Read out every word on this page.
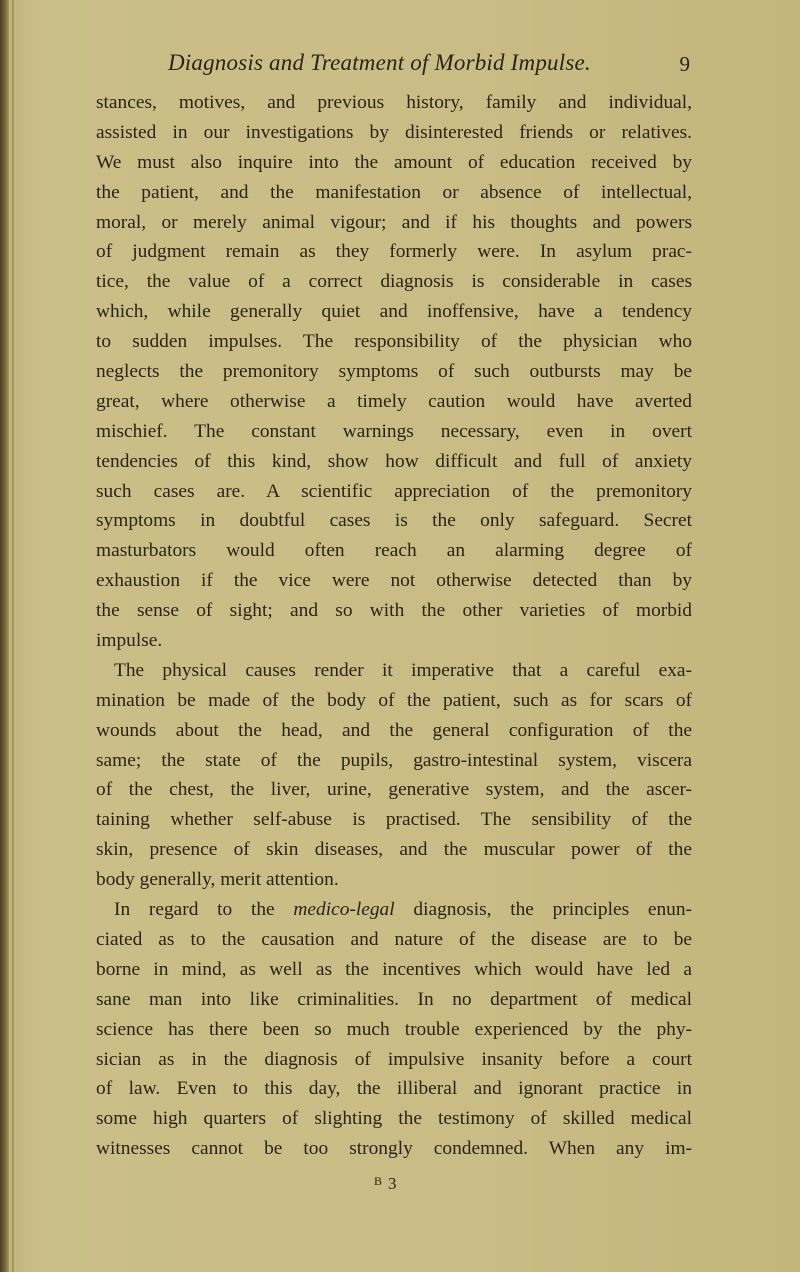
Diagnosis and Treatment of Morbid Impulse.	9
stances, motives, and previous history, family and individual,
assisted in our investigations by disinterested friends or relatives.
We must also inquire into the amount of education received by
the patient, and the manifestation or absence of intellectual,
moral, or merely animal vigour; and if his thoughts and powers
of judgment remain as they formerly were. In asylum prac-
tice, the value of a correct diagnosis is considerable in cases
which, while generally quiet and inoffensive, have a tendency
to sudden impulses. The responsibility of the physician who
neglects the premonitory symptoms of such outbursts may be
great, where otherwise a timely caution would have averted
mischief. The constant warnings necessary, even in overt
tendencies of this kind, show how difficult and full of anxiety
such cases are. A scientific appreciation of the premonitory
symptoms in doubtful cases is the only safeguard. Secret
masturbators would often reach an alarming degree of
exhaustion if the vice were not otherwise detected than by
the sense of sight; and so with the other varieties of morbid
impulse.
The physical causes render it imperative that a careful exa-
mination be made of the body of the patient, such as for scars of
wounds about the head, and the general configuration of the
same; the state of the pupils, gastro-intestinal system, viscera
of the chest, the liver, urine, generative system, and the ascer-
taining whether self-abuse is practised. The sensibility of the
skin, presence of skin diseases, and the muscular power of the
body generally, merit attention.
In regard to the medico-legal diagnosis, the principles enun-
ciated as to the causation and nature of the disease are to be
borne in mind, as well as the incentives which would have led a
sane man into like criminalities. In no department of medical
science has there been so much trouble experienced by the phy-
sician as in the diagnosis of impulsive insanity before a court
of law. Even to this day, the illiberal and ignorant practice in
some high quarters of slighting the testimony of skilled medical
witnesses cannot be too strongly condemned. When any im-
$^B$ 3
